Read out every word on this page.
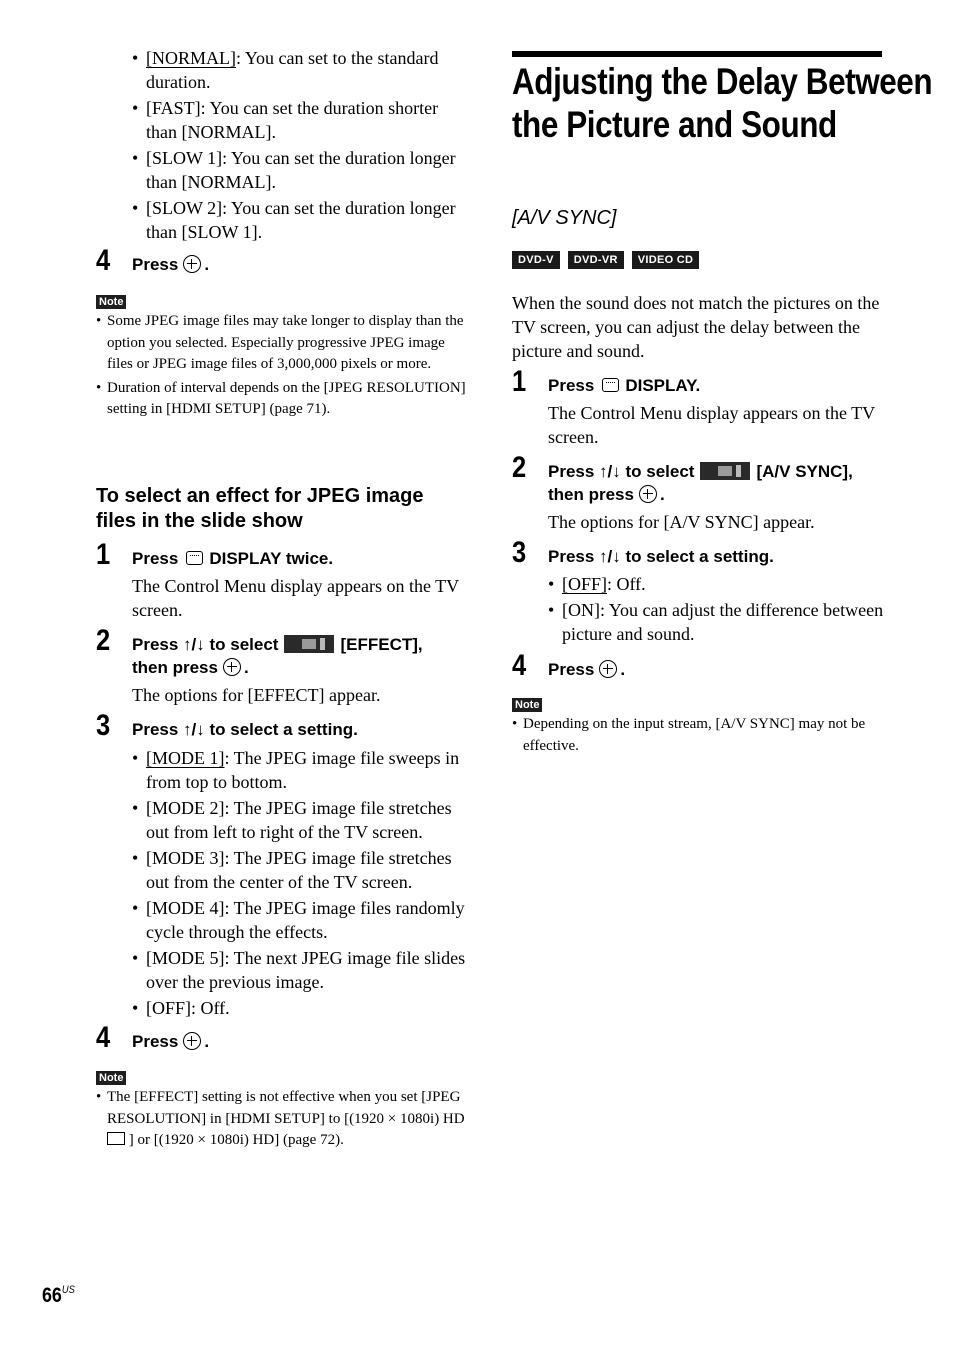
• [NORMAL]: You can set to the standard duration.
• [FAST]: You can set the duration shorter than [NORMAL].
• [SLOW 1]: You can set the duration longer than [NORMAL].
• [SLOW 2]: You can set the duration longer than [SLOW 1].
4 Press .
Note
• Some JPEG image files may take longer to display than the option you selected. Especially progressive JPEG image files or JPEG image files of 3,000,000 pixels or more.
• Duration of interval depends on the [JPEG RESOLUTION] setting in [HDMI SETUP] (page 71).
To select an effect for JPEG image files in the slide show
1 Press DISPLAY twice.
The Control Menu display appears on the TV screen.
2 Press ↑/↓ to select	[EFFECT],
then press .
The options for [EFFECT] appear.
3 Press ↑/↓ to select a setting.
• [MODE 1]: The JPEG image file sweeps in from top to bottom.
• [MODE 2]: The JPEG image file stretches out from left to right of the TV screen.
• [MODE 3]: The JPEG image file stretches out from the center of the TV screen.
• [MODE 4]: The JPEG image files randomly cycle through the effects.
• [MODE 5]: The next JPEG image file slides over the previous image.
• [OFF]: Off.
4 Press .
Note
• The [EFFECT] setting is not effective when you set [JPEG RESOLUTION] in [HDMI SETUP] to [(1920 × 1080i) HD  ] or [(1920 × 1080i) HD] (page 72).
Adjusting the Delay Between the Picture and Sound
[A/V SYNC]
DVD-V DVD-VR VIDEO CD
When the sound does not match the pictures on the TV screen, you can adjust the delay between the picture and sound.
1 Press DISPLAY.
The Control Menu display appears on the TV screen.
2 Press ↑/↓ to select	[A/V SYNC],
then press .
The options for [A/V SYNC] appear.
3 Press ↑/↓ to select a setting.
• [OFF]: Off.
• [ON]: You can adjust the difference between picture and sound.
4 Press .
Note
• Depending on the input stream, [A/V SYNC] may not be effective.
$66^{US}$
